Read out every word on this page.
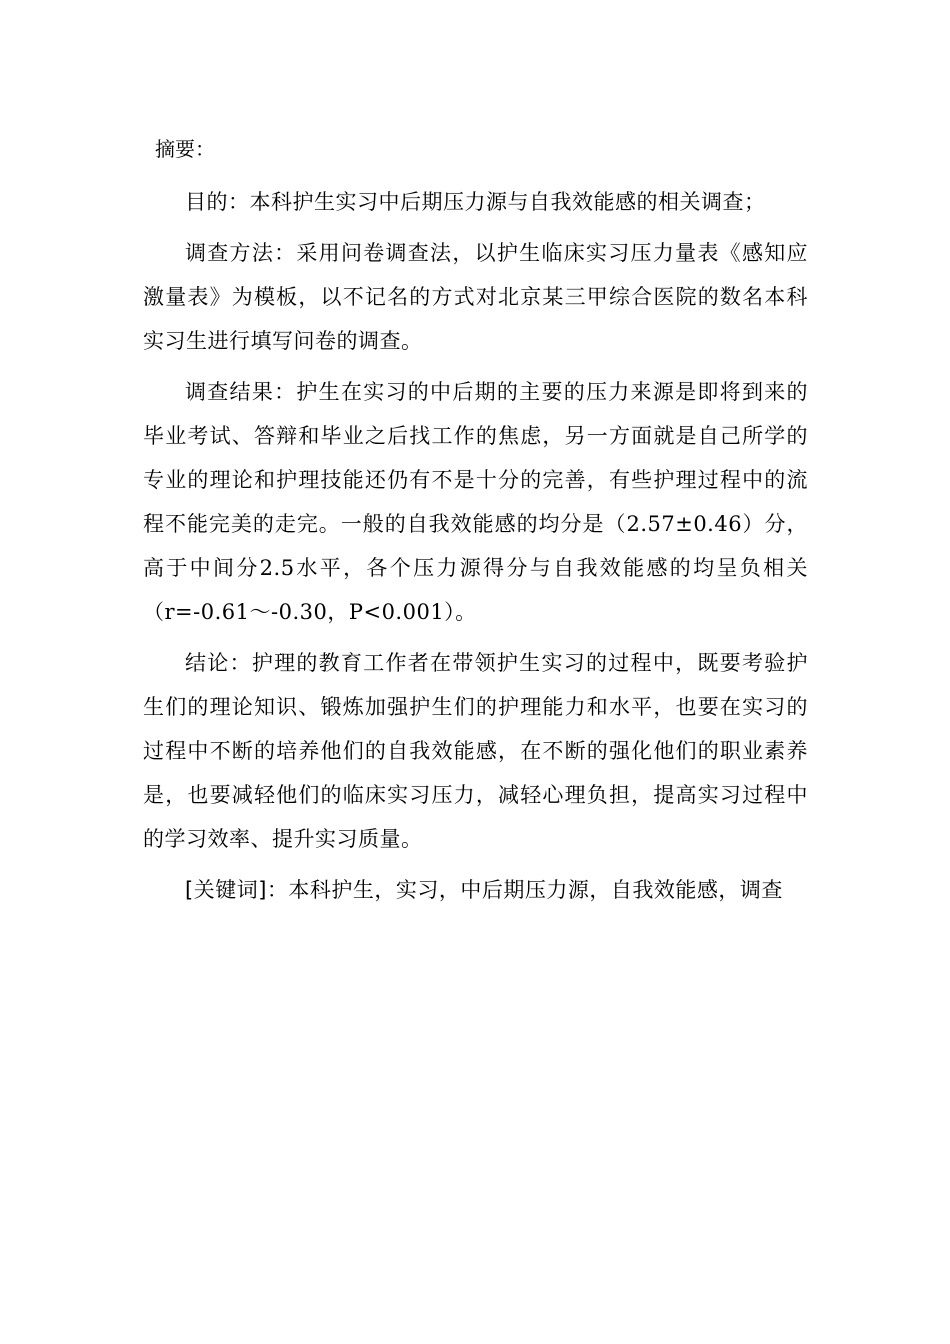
摘要：

目的：本科护生实习中后期压力源与自我效能感的相关调查；

调查方法：采用问卷调查法，以护生临床实习压力量表《感知应激量表》为模板，以不记名的方式对北京某三甲综合医院的数名本科实习生进行填写问卷的调查。

调查结果：护生在实习的中后期的主要的压力来源是即将到来的毕业考试、答辩和毕业之后找工作的焦虑，另一方面就是自己所学的专业的理论和护理技能还仍有不是十分的完善，有些护理过程中的流程不能完美的走完。一般的自我效能感的均分是（2.57±0.46）分，高于中间分2.5水平，各个压力源得分与自我效能感的均呈负相关（r=-0.61～-0.30，P<0.001）。

结论：护理的教育工作者在带领护生实习的过程中，既要考验护生们的理论知识、锻炼加强护生们的护理能力和水平，也要在实习的过程中不断的培养他们的自我效能感，在不断的强化他们的职业素养是，也要减轻他们的临床实习压力，减轻心理负担，提高实习过程中的学习效率、提升实习质量。

[关键词]：本科护生，实习，中后期压力源，自我效能感，调查
